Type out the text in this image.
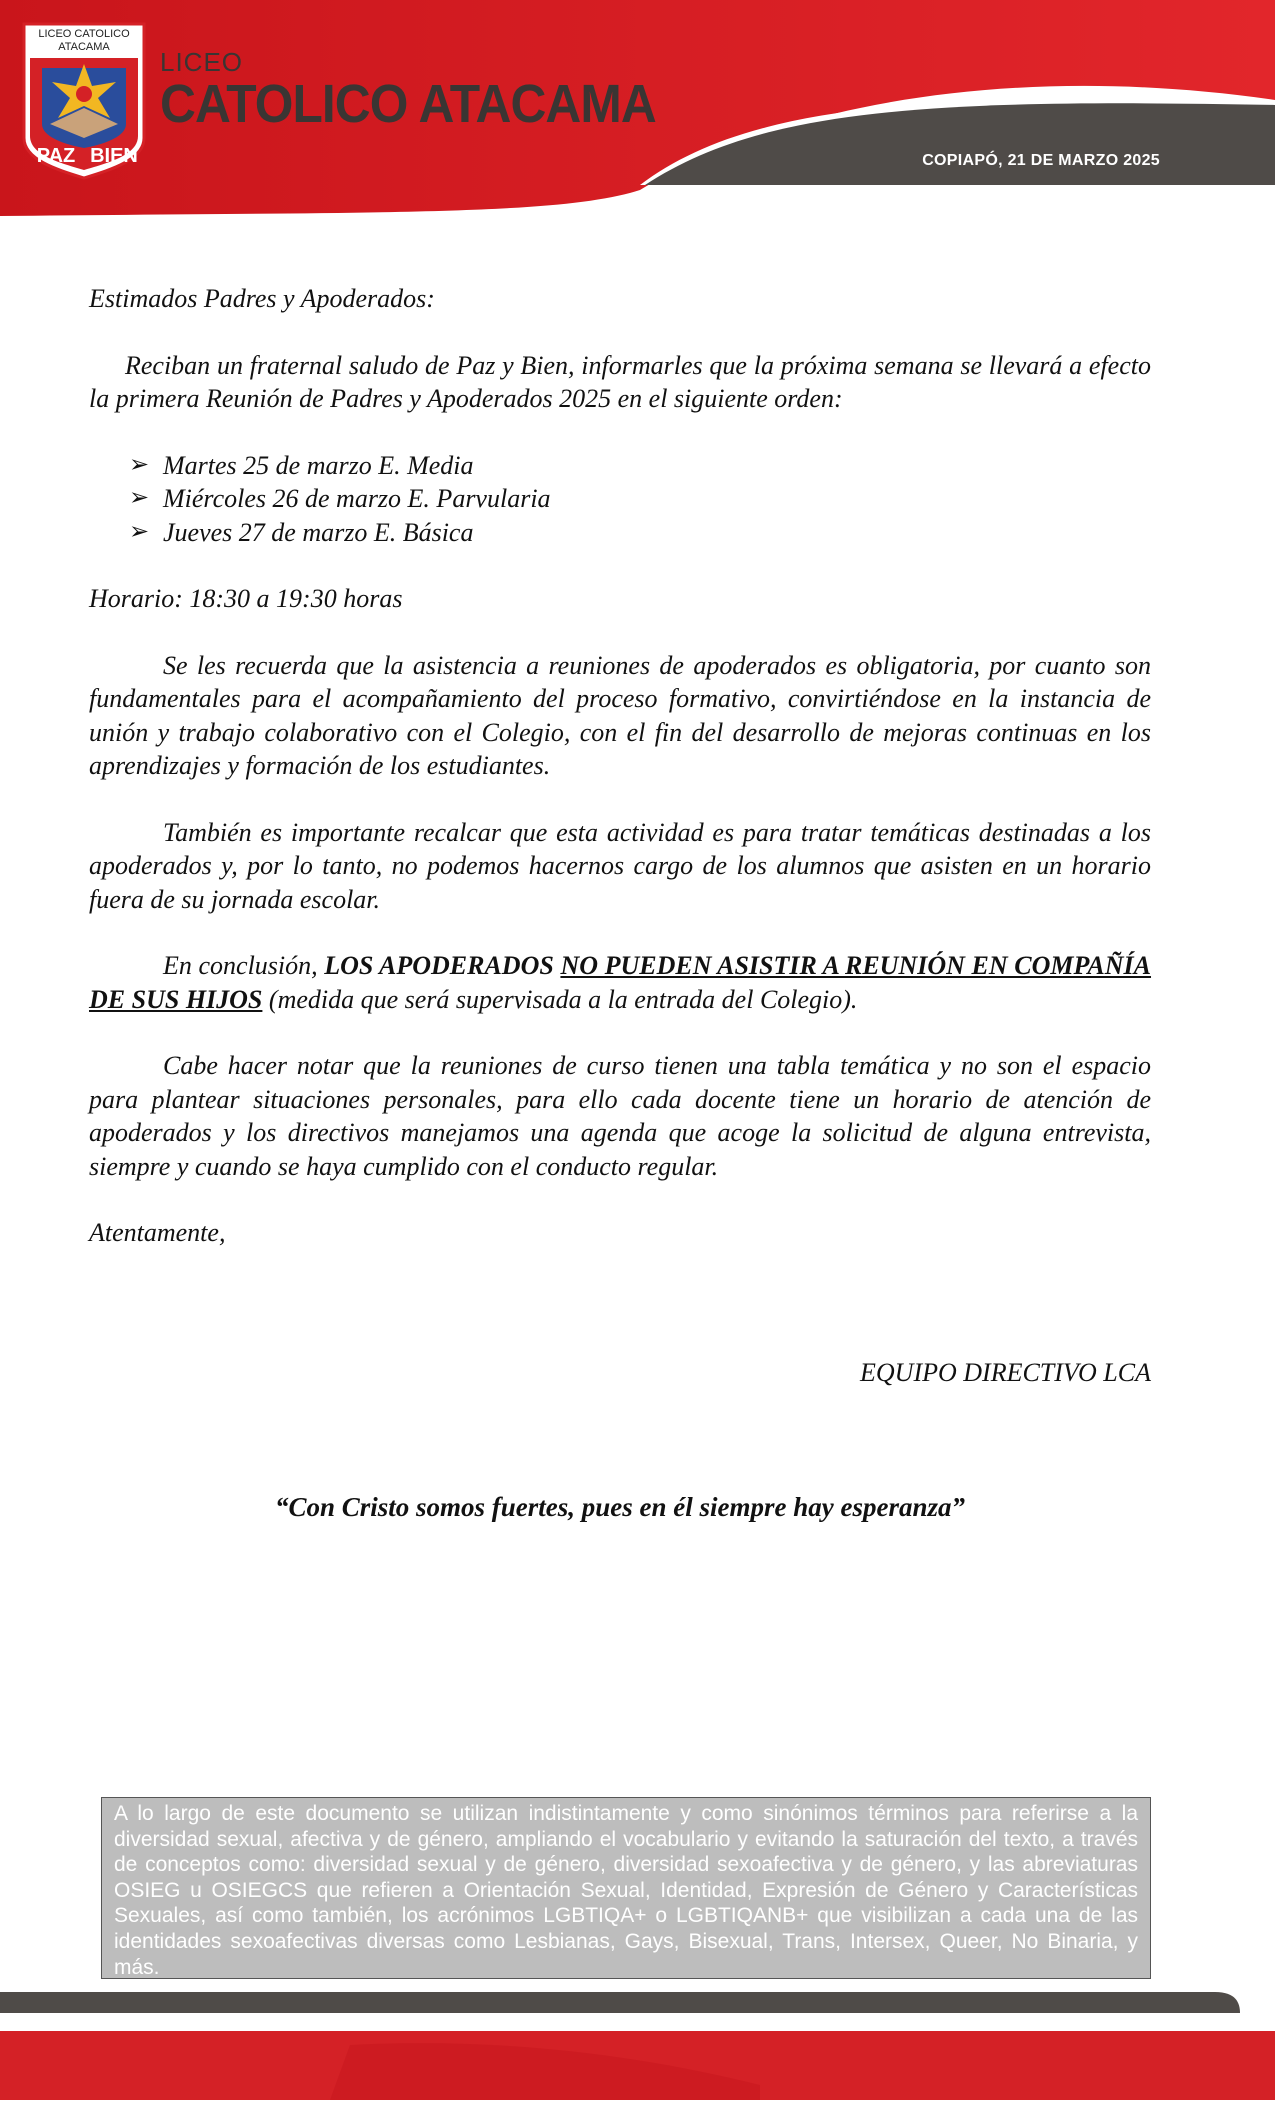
LICEO CATOLICO
ATACAMA
PAZ BIEN
LICEO
CATOLICO ATACAMA
COPIAPÓ, 21 DE MARZO 2025

Estimados Padres y Apoderados:

Reciban un fraternal saludo de Paz y Bien, informarles que la próxima semana se llevará a efecto la primera Reunión de Padres y Apoderados 2025 en el siguiente orden:

➢ Martes 25 de marzo E. Media
➢ Miércoles 26 de marzo E. Parvularia
➢ Jueves 27 de marzo E. Básica

Horario: 18:30 a 19:30 horas

Se les recuerda que la asistencia a reuniones de apoderados es obligatoria, por cuanto son fundamentales para el acompañamiento del proceso formativo, convirtiéndose en la instancia de unión y trabajo colaborativo con el Colegio, con el fin del desarrollo de mejoras continuas en los aprendizajes y formación de los estudiantes.

También es importante recalcar que esta actividad es para tratar temáticas destinadas a los apoderados y, por lo tanto, no podemos hacernos cargo de los alumnos que asisten en un horario fuera de su jornada escolar.

En conclusión, LOS APODERADOS NO PUEDEN ASISTIR A REUNIÓN EN COMPAÑÍA DE SUS HIJOS (medida que será supervisada a la entrada del Colegio).

Cabe hacer notar que la reuniones de curso tienen una tabla temática y no son el espacio para plantear situaciones personales, para ello cada docente tiene un horario de atención de apoderados y los directivos manejamos una agenda que acoge la solicitud de alguna entrevista, siempre y cuando se haya cumplido con el conducto regular.

Atentamente,

EQUIPO DIRECTIVO LCA
“Con Cristo somos fuertes, pues en él siempre hay esperanza”
A lo largo de este documento se utilizan indistintamente y como sinónimos términos para referirse a la diversidad sexual, afectiva y de género, ampliando el vocabulario y evitando la saturación del texto, a través de conceptos como: diversidad sexual y de género, diversidad sexoafectiva y de género, y las abreviaturas OSIEG u OSIEGCS que refieren a Orientación Sexual, Identidad, Expresión de Género y Características Sexuales, así como también, los acrónimos LGBTIQA+ o LGBTIQANB+ que visibilizan a cada una de las identidades sexoafectivas diversas como Lesbianas, Gays, Bisexual, Trans, Intersex, Queer, No Binaria, y más.
